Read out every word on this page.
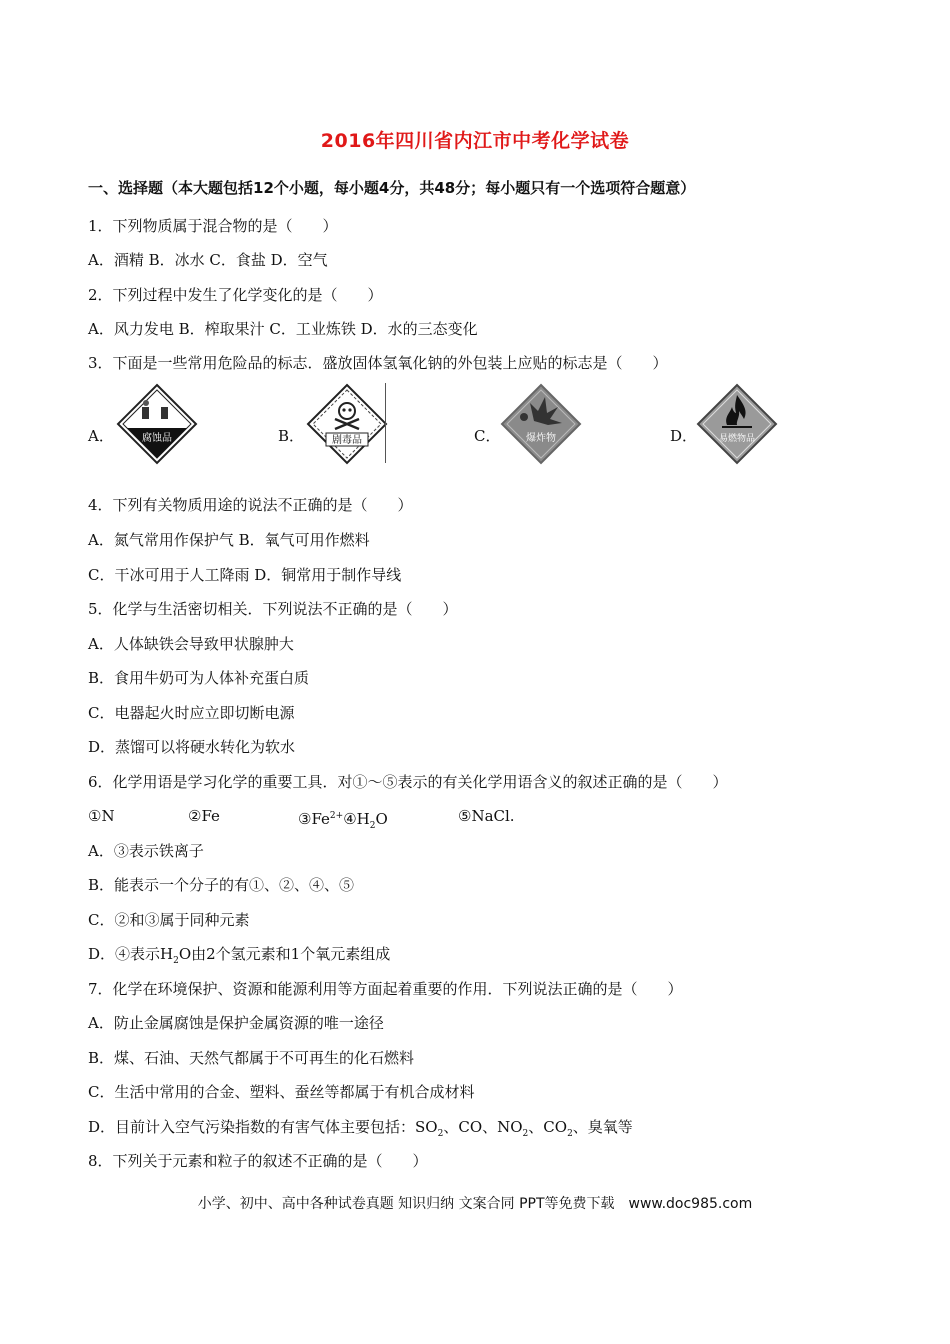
2016年四川省内江市中考化学试卷
一、选择题（本大题包括12个小题，每小题4分，共48分；每小题只有一个选项符合题意）
1．下列物质属于混合物的是（　　）
A．酒精 B．冰水 C．食盐 D．空气
2．下列过程中发生了化学变化的是（　　）
A．风力发电 B．榨取果汁 C．工业炼铁 D．水的三态变化
3．下面是一些常用危险品的标志．盛放固体氢氧化钠的外包装上应贴的标志是（　　）
A．	腐蚀品	B．	剧毒品	C．	爆炸物	D． 易燃物品
4．下列有关物质用途的说法不正确的是（　　）
A．氮气常用作保护气 B．氧气可用作燃料
C．干冰可用于人工降雨 D．铜常用于制作导线
5．化学与生活密切相关．下列说法不正确的是（　　）
A．人体缺铁会导致甲状腺肿大
B．食用牛奶可为人体补充蛋白质
C．电器起火时应立即切断电源
D．蒸馏可以将硬水转化为软水
6．化学用语是学习化学的重要工具．对①～⑤表示的有关化学用语含义的叙述正确的是（　　）
①N	②Fe	$③Fe^{2+}④H_2O$	⑤NaCl.
A．③表示铁离子
B．能表示一个分子的有①、②、④、⑤
C．②和③属于同种元素
D．④表示$H_2O$由2个氢元素和1个氧元素组成
7．化学在环境保护、资源和能源利用等方面起着重要的作用．下列说法正确的是（　　）
A．防止金属腐蚀是保护金属资源的唯一途径
B．煤、石油、天然气都属于不可再生的化石燃料
C．生活中常用的合金、塑料、蚕丝等都属于有机合成材料
D．目前计入空气污染指数的有害气体主要包括：$SO_2$、CO、$NO_2$、$CO_2$、臭氧等
8．下列关于元素和粒子的叙述不正确的是（　　）
小学、初中、高中各种试卷真题 知识归纳 文案合同 PPT等免费下载　www.doc985.com
